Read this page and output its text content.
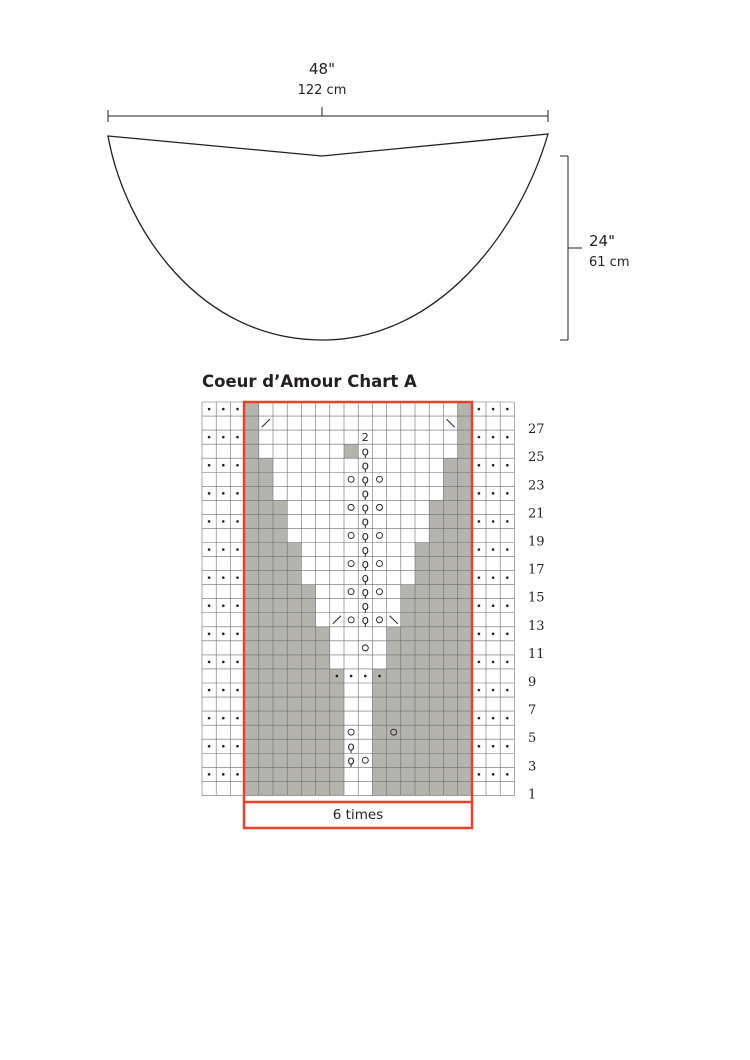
48"
122 cm
24"
61 cm
Coeur d’Amour Chart A
2
ϙ
ϙ
ϙ
ϙ
ϙ
ϙ
ϙ
ϙ
ϙ
ϙ
ϙ
ϙ
ϙ
ϙ
ϙ
6 times
27
25
23
21
19
17
15
13
11
9
7
5
3
1
